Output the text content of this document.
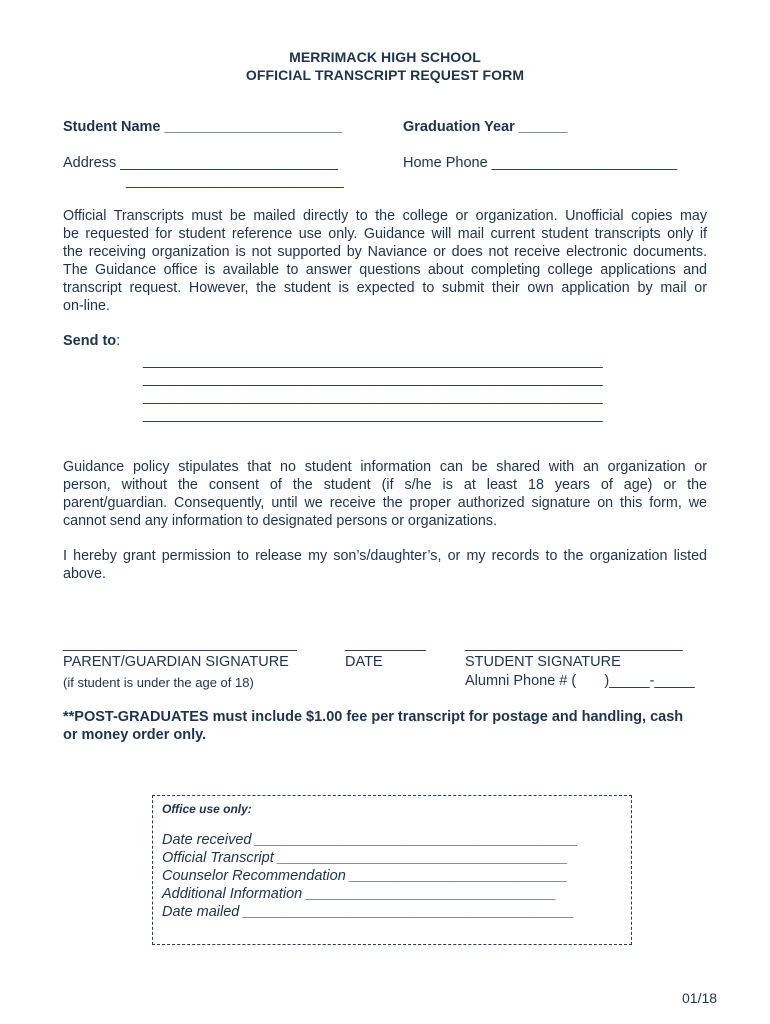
MERRIMACK HIGH SCHOOL
OFFICIAL TRANSCRIPT REQUEST FORM
Student Name ______________________	Graduation Year ______
Address ___________________________	Home Phone _______________________
___________________________
Official Transcripts must be mailed directly to the college or organization. Unofficial copies may
be requested for student reference use only. Guidance will mail current student transcripts only if
the receiving organization is not supported by Naviance or does not receive electronic documents.
The Guidance office is available to answer questions about completing college applications and
transcript request. However, the student is expected to submit their own application by mail or
on-line.
Send to:
_________________________________________________________
_________________________________________________________
_________________________________________________________
_________________________________________________________
Guidance policy stipulates that no student information can be shared with an organization or
person, without the consent of the student (if s/he is at least 18 years of age) or the
parent/guardian. Consequently, until we receive the proper authorized signature on this form, we
cannot send any information to designated persons or organizations.
I hereby grant permission to release my son’s/daughter’s, or my records to the organization listed
above.
_____________________________
PARENT/GUARDIAN SIGNATURE
(if student is under the age of 18)
__________
DATE
___________________________
STUDENT SIGNATURE
Alumni Phone # (       )_____-_____
**POST-GRADUATES must include $1.00 fee per transcript for postage and handling, cash
or money order only.
Office use only:
Date received ________________________________________
Official Transcript ____________________________________
Counselor Recommendation ___________________________
Additional Information _______________________________
Date mailed _________________________________________
01/18
